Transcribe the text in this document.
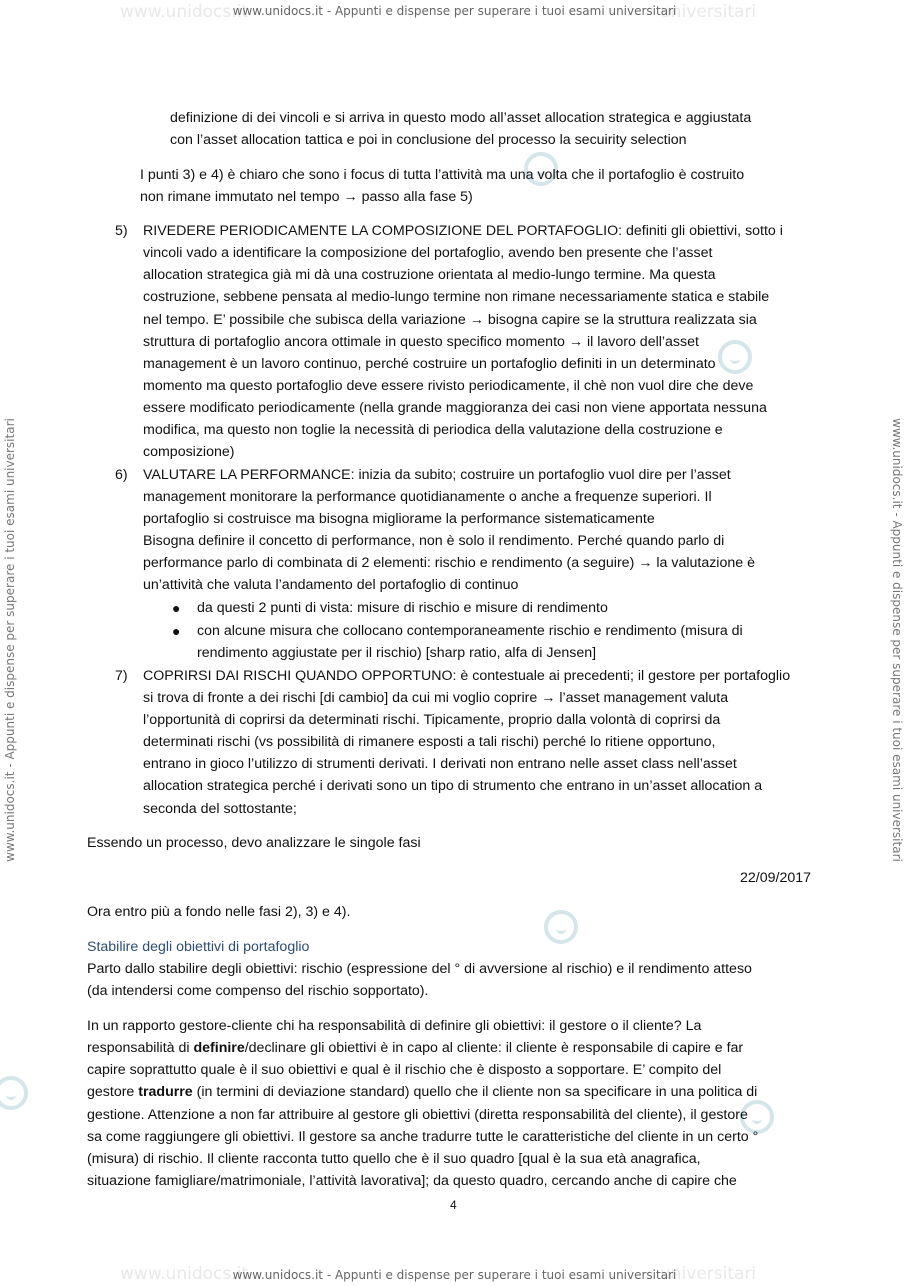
www.unidocs.it	universitari
www.unidocs.it - Appunti e dispense per superare i tuoi esami universitari
www.unidocs.it	universitari
www.unidocs.it - Appunti e dispense per superare i tuoi esami universitari
www.unidocs.it - Appunti e dispense per superare i tuoi esami universitari	www.unidocs.it - Appunti e dispense per superare i tuoi esami universitari
definizione di dei vincoli e si arriva in questo modo all’asset allocation strategica e aggiustata
con l’asset allocation tattica e poi in conclusione del processo la secuirity selection
I punti 3) e 4) è chiaro che sono i focus di tutta l’attività ma una volta che il portafoglio è costruito
non rimane immutato nel tempo → passo alla fase 5)
5) RIVEDERE PERIODICAMENTE LA COMPOSIZIONE DEL PORTAFOGLIO: definiti gli obiettivi, sotto i
vincoli vado a identificare la composizione del portafoglio, avendo ben presente che l’asset
allocation strategica già mi dà una costruzione orientata al medio-lungo termine. Ma questa
costruzione, sebbene pensata al medio-lungo termine non rimane necessariamente statica e stabile
nel tempo. E’ possibile che subisca della variazione → bisogna capire se la struttura realizzata sia
struttura di portafoglio ancora ottimale in questo specifico momento → il lavoro dell’asset
management è un lavoro continuo, perché costruire un portafoglio definiti in un determinato
momento ma questo portafoglio deve essere rivisto periodicamente, il chè non vuol dire che deve
essere modificato periodicamente (nella grande maggioranza dei casi non viene apportata nessuna
modifica, ma questo non toglie la necessità di periodica della valutazione della costruzione e
composizione)
6) VALUTARE LA PERFORMANCE: inizia da subito; costruire un portafoglio vuol dire per l’asset
management monitorare la performance quotidianamente o anche a frequenze superiori. Il
portafoglio si costruisce ma bisogna migliorame la performance sistematicamente
Bisogna definire il concetto di performance, non è solo il rendimento. Perché quando parlo di
performance parlo di combinata di 2 elementi: rischio e rendimento (a seguire) → la valutazione è
un’attività che valuta l’andamento del portafoglio di continuo
● da questi 2 punti di vista: misure di rischio e misure di rendimento
● con alcune misura che collocano contemporaneamente rischio e rendimento (misura di
rendimento aggiustate per il rischio) [sharp ratio, alfa di Jensen]
7) COPRIRSI DAI RISCHI QUANDO OPPORTUNO: è contestuale ai precedenti; il gestore per portafoglio
si trova di fronte a dei rischi [di cambio] da cui mi voglio coprire → l’asset management valuta
l’opportunità di coprirsi da determinati rischi. Tipicamente, proprio dalla volontà di coprirsi da
determinati rischi (vs possibilità di rimanere esposti a tali rischi) perché lo ritiene opportuno,
entrano in gioco l’utilizzo di strumenti derivati. I derivati non entrano nelle asset class nell’asset
allocation strategica perché i derivati sono un tipo di strumento che entrano in un’asset allocation a
seconda del sottostante;
Essendo un processo, devo analizzare le singole fasi
22/09/2017
Ora entro più a fondo nelle fasi 2), 3) e 4).
Stabilire degli obiettivi di portafoglio
Parto dallo stabilire degli obiettivi: rischio (espressione del ° di avversione al rischio) e il rendimento atteso
(da intendersi come compenso del rischio sopportato).
In un rapporto gestore-cliente chi ha responsabilità di definire gli obiettivi: il gestore o il cliente? La
responsabilità di definire/declinare gli obiettivi è in capo al cliente: il cliente è responsabile di capire e far
capire soprattutto quale è il suo obiettivi e qual è il rischio che è disposto a sopportare. E’ compito del
gestore tradurre (in termini di deviazione standard) quello che il cliente non sa specificare in una politica di
gestione. Attenzione a non far attribuire al gestore gli obiettivi (diretta responsabilità del cliente), il gestore
sa come raggiungere gli obiettivi. Il gestore sa anche tradurre tutte le caratteristiche del cliente in un certo °
(misura) di rischio. Il cliente racconta tutto quello che è il suo quadro [qual è la sua età anagrafica,
situazione famigliare/matrimoniale, l’attività lavorativa]; da questo quadro, cercando anche di capire che
4
